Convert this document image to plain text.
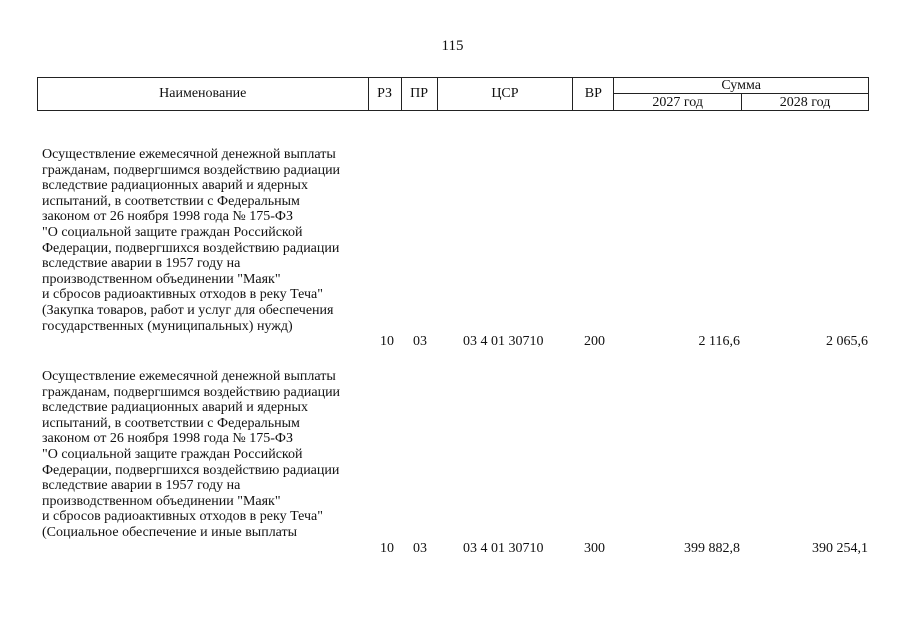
115
Наименование	РЗ	ПР	ЦСР	ВР	Сумма	
					2027 год	2028 год
Осуществление ежемесячной денежной выплаты
гражданам, подвергшимся воздействию радиации
вследствие радиационных аварий и ядерных
испытаний, в соответствии с Федеральным
законом от 26 ноября 1998 года № 175-ФЗ
"О социальной защите граждан Российской
Федерации, подвергшихся воздействию радиации
вследствие аварии в 1957 году на
производственном объединении "Маяк"
и сбросов радиоактивных отходов в реку Теча"
(Закупка товаров, работ и услуг для обеспечения
государственных (муниципальных) нужд)
10 03	03 4 01 30710	200	2 116,6	2 065,6
Осуществление ежемесячной денежной выплаты
гражданам, подвергшимся воздействию радиации
вследствие радиационных аварий и ядерных
испытаний, в соответствии с Федеральным
законом от 26 ноября 1998 года № 175-ФЗ
"О социальной защите граждан Российской
Федерации, подвергшихся воздействию радиации
вследствие аварии в 1957 году на
производственном объединении "Маяк"
и сбросов радиоактивных отходов в реку Теча"
(Социальное обеспечение и иные выплаты
10 03	03 4 01 30710	300	399 882,8	390 254,1
